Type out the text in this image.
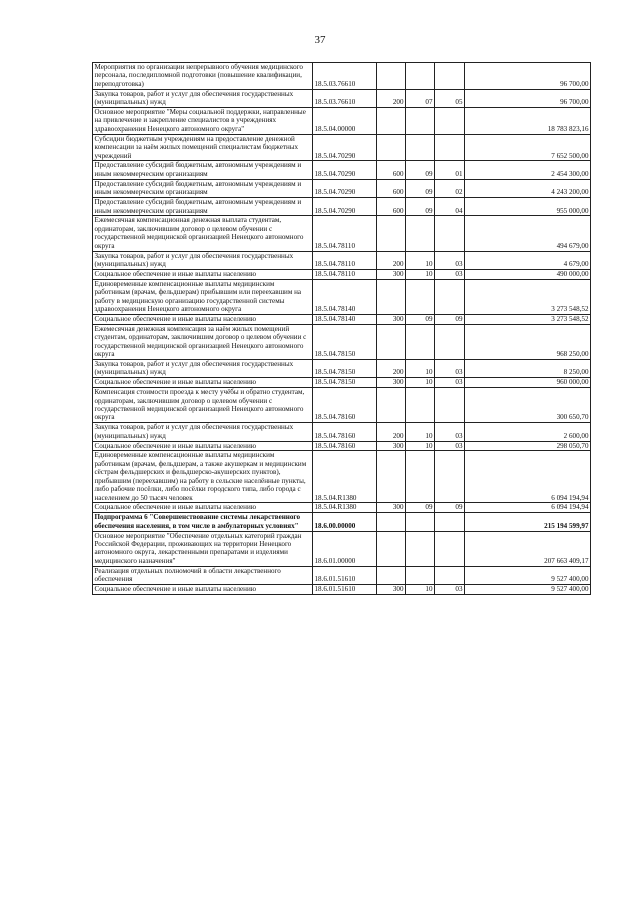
37
Мероприятия по организации непрерывного обучения медицинского персонала, последипломной подготовки (повышение квалификации, переподготовка)	18.5.03.76610				96 700,00
Закупка товаров, работ и услуг для обеспечения государственных (муниципальных) нужд	18.5.03.76610	200	07	05	96 700,00
Основное мероприятие "Меры социальной поддержки, направленные на привлечение и закрепление специалистов в учреждениях здравоохранения Ненецкого автономного округа"	18.5.04.00000				18 783 823,16
Субсидии бюджетным учреждениям на предоставление денежной компенсации за наём жилых помещений специалистам бюджетных учреждений	18.5.04.70290				7 652 500,00
Предоставление субсидий бюджетным, автономным учреждениям и иным некоммерческим организациям	18.5.04.70290	600	09	01	2 454 300,00
Предоставление субсидий бюджетным, автономным учреждениям и иным некоммерческим организациям	18.5.04.70290	600	09	02	4 243 200,00
Предоставление субсидий бюджетным, автономным учреждениям и иным некоммерческим организациям	18.5.04.70290	600	09	04	955 000,00
Ежемесячная компенсационная денежная выплата студентам, ординаторам, заключившим договор о целевом обучении с государственной медицинской организацией Ненецкого автономного округа	18.5.04.78110				494 679,00
Закупка товаров, работ и услуг для обеспечения государственных (муниципальных) нужд	18.5.04.78110	200	10	03	4 679,00
Социальное обеспечение и иные выплаты населению	18.5.04.78110	300	10	03	490 000,00
Единовременные компенсационные выплаты медицинским работникам (врачам, фельдшерам) прибывшим или переехавшим на работу в медицинскую организацию государственной системы здравоохранения Ненецкого автономного округа	18.5.04.78140				3 273 548,52
Социальное обеспечение и иные выплаты населению	18.5.04.78140	300	09	09	3 273 548,52
Ежемесячная денежная компенсация за наём жилых помещений студентам, ординаторам, заключившим договор о целевом обучении с государственной медицинской организацией Ненецкого автономного округа	18.5.04.78150				968 250,00
Закупка товаров, работ и услуг для обеспечения государственных (муниципальных) нужд	18.5.04.78150	200	10	03	8 250,00
Социальное обеспечение и иные выплаты населению	18.5.04.78150	300	10	03	960 000,00
Компенсация стоимости проезда к месту учёбы и обратно студентам, ординаторам, заключившим договор о целевом обучении с государственной медицинской организацией Ненецкого автономного округа	18.5.04.78160				300 650,70
Закупка товаров, работ и услуг для обеспечения государственных (муниципальных) нужд	18.5.04.78160	200	10	03	2 600,00
Социальное обеспечение и иные выплаты населению	18.5.04.78160	300	10	03	298 050,70
Единовременные компенсационные выплаты медицинским работникам (врачам, фельдшерам, а также акушеркам и медицинским сёстрам фельдшерских и фельдшерско-акушерских пунктов), прибывшим (переехавшим) на работу в сельские населённые пункты, либо рабочие посёлки, либо посёлки городского типа, либо города с населением до 50 тысяч человек	18.5.04.R1380				6 094 194,94
Социальное обеспечение и иные выплаты населению	18.5.04.R1380	300	09	09	6 094 194,94
Подпрограмма 6 "Совершенствование системы лекарственного обеспечения населения, в том числе в амбулаторных условиях"	18.6.00.00000				215 194 599,97
Основное мероприятие "Обеспечение отдельных категорий граждан Российской Федерации, проживающих на территории Ненецкого автономного округа, лекарственными препаратами и изделиями медицинского назначения"	18.6.01.00000				207 663 409,17
Реализация отдельных полномочий в области лекарственного обеспечения	18.6.01.51610				9 527 400,00
Социальное обеспечение и иные выплаты населению	18.6.01.51610	300	10	03	9 527 400,00
